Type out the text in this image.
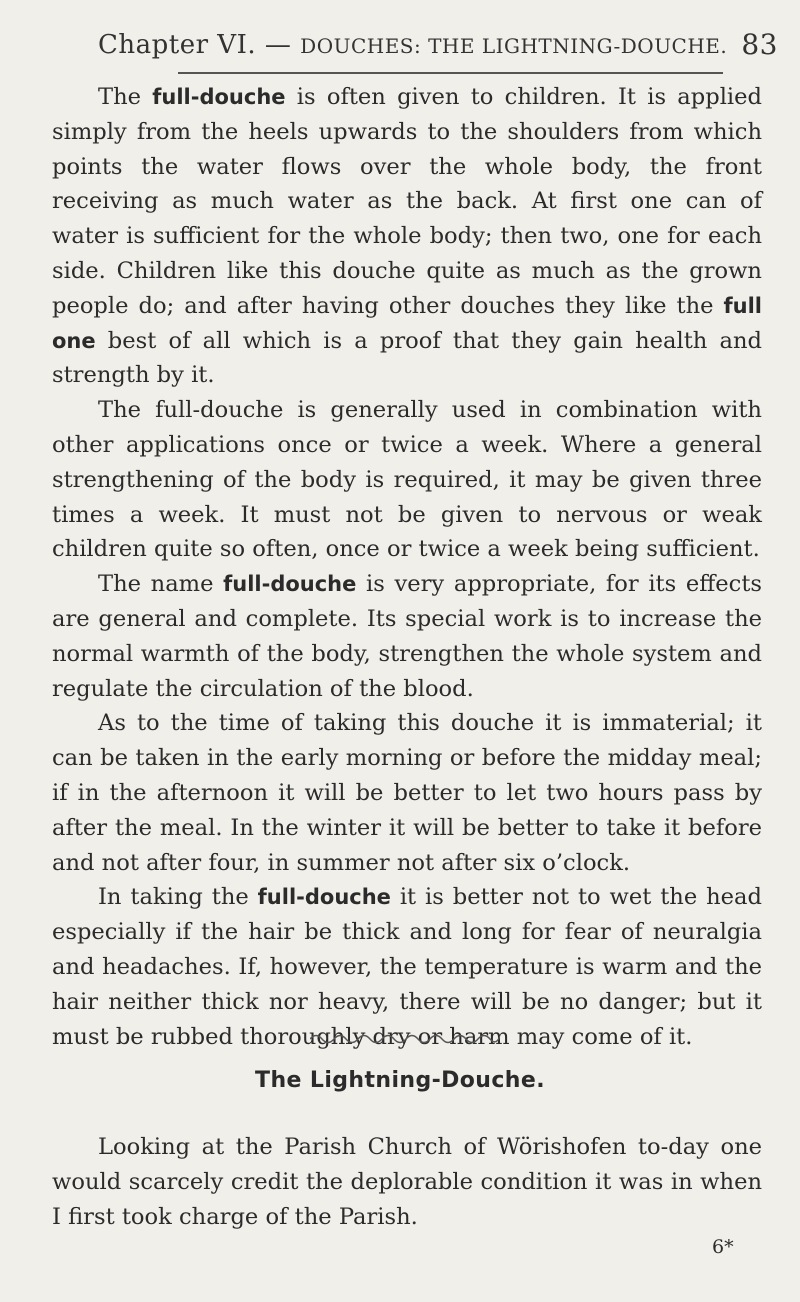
Chapter VI. — DOUCHES: THE LIGHTNING-DOUCHE. 83

The full-douche is often given to children. It is applied simply from the heels upwards to the shoulders from which points the water flows over the whole body, the front receiving as much water as the back. At first one can of water is sufficient for the whole body; then two, one for each side. Children like this douche quite as much as the grown people do; and after having other douches they like the full one best of all which is a proof that they gain health and strength by it.

The full-douche is generally used in combination with other applications once or twice a week. Where a general strengthening of the body is required, it may be given three times a week. It must not be given to nervous or weak children quite so often, once or twice a week being sufficient.

The name full-douche is very appropriate, for its effects are general and complete. Its special work is to increase the normal warmth of the body, strengthen the whole system and regulate the circulation of the blood.

As to the time of taking this douche it is immaterial; it can be taken in the early morning or before the midday meal; if in the afternoon it will be better to let two hours pass by after the meal. In the winter it will be better to take it before and not after four, in summer not after six o’clock.

In taking the full-douche it is better not to wet the head especially if the hair be thick and long for fear of neuralgia and headaches. If, however, the temperature is warm and the hair neither thick nor heavy, there will be no danger; but it must be rubbed thoroughly dry or harm may come of it.

The Lightning-Douche.

Looking at the Parish Church of Wörishofen to-day one would scarcely credit the deplorable condition it was in when I first took charge of the Parish.

6*
